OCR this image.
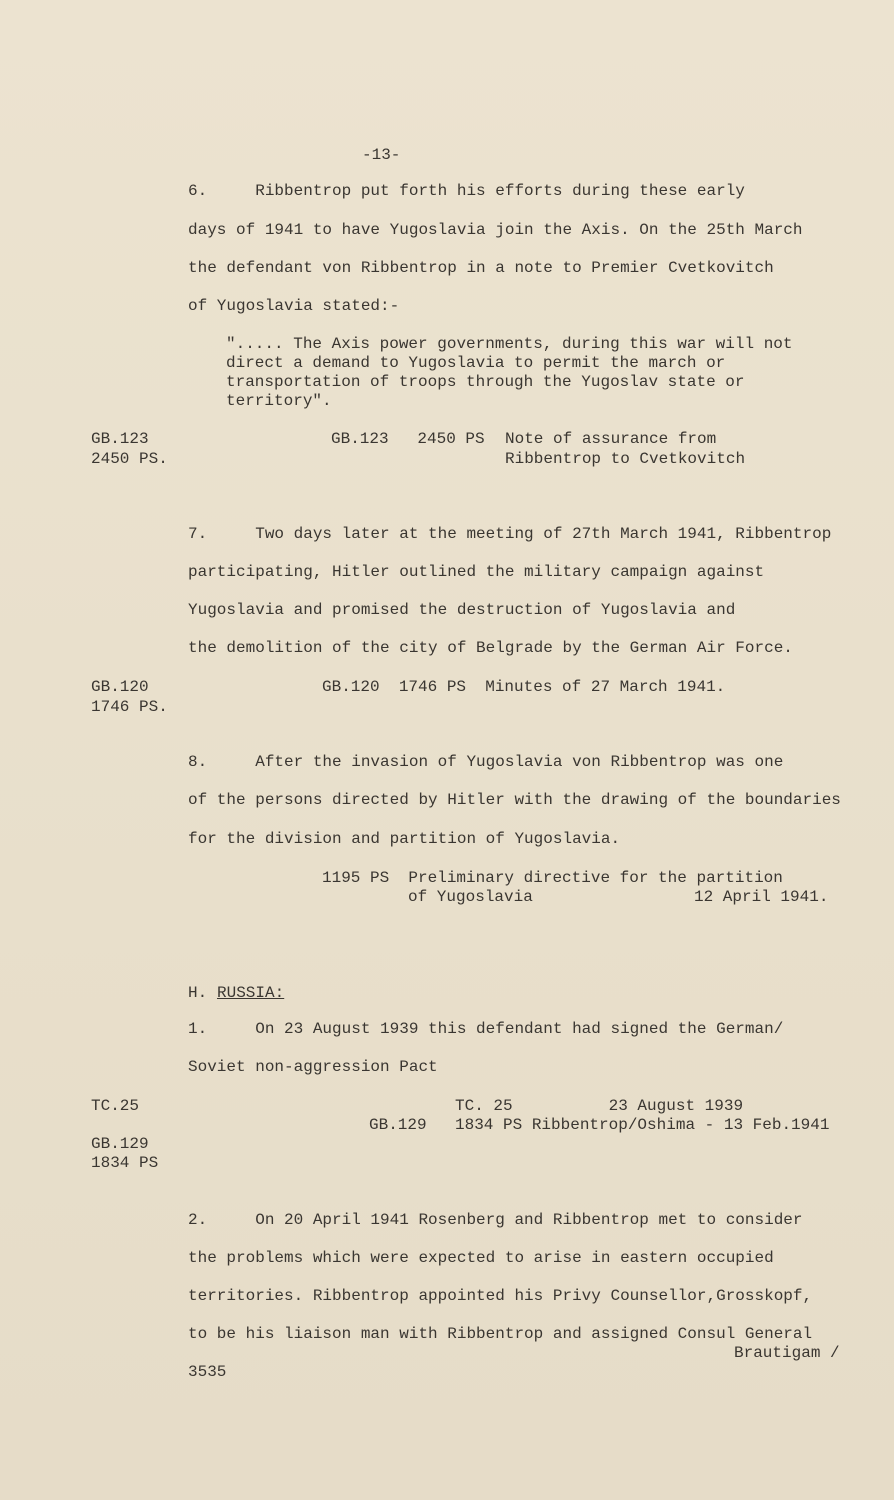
-13-
6.     Ribbentrop put forth his efforts during these early
days of 1941 to have Yugoslavia join the Axis. On the 25th March
the defendant von Ribbentrop in a note to Premier Cvetkovitch
of Yugoslavia stated:-
"..... The Axis power governments, during this war will not
direct a demand to Yugoslavia to permit the march or
transportation of troops through the Yugoslav state or
territory".
GB.123
2450 PS.
GB.123   2450 PS Note of assurance from
Ribbentrop to Cvetkovitch
7.     Two days later at the meeting of 27th March 1941, Ribbentrop
participating, Hitler outlined the military campaign against
Yugoslavia and promised the destruction of Yugoslavia and
the demolition of the city of Belgrade by the German Air Force.
GB.120
1746 PS.
GB.120  1746 PS  Minutes of 27 March 1941.
8.     After the invasion of Yugoslavia von Ribbentrop was one
of the persons directed by Hitler with the drawing of the boundaries
for the division and partition of Yugoslavia.
1195 PS  Preliminary directive for the partition
of Yugoslavia	12 April 1941.
H. RUSSIA:
1.     On 23 August 1939 this defendant had signed the German/
Soviet non-aggression Pact
TC.25
GB.129
1834 PS
TC. 25          23 August 1939
GB.129 1834 PS Ribbentrop/Oshima - 13 Feb.1941
2.     On 20 April 1941 Rosenberg and Ribbentrop met to consider
the problems which were expected to arise in eastern occupied
territories. Ribbentrop appointed his Privy Counsellor,Grosskopf,
to be his liaison man with Ribbentrop and assigned Consul General
Brautigam /
3535
